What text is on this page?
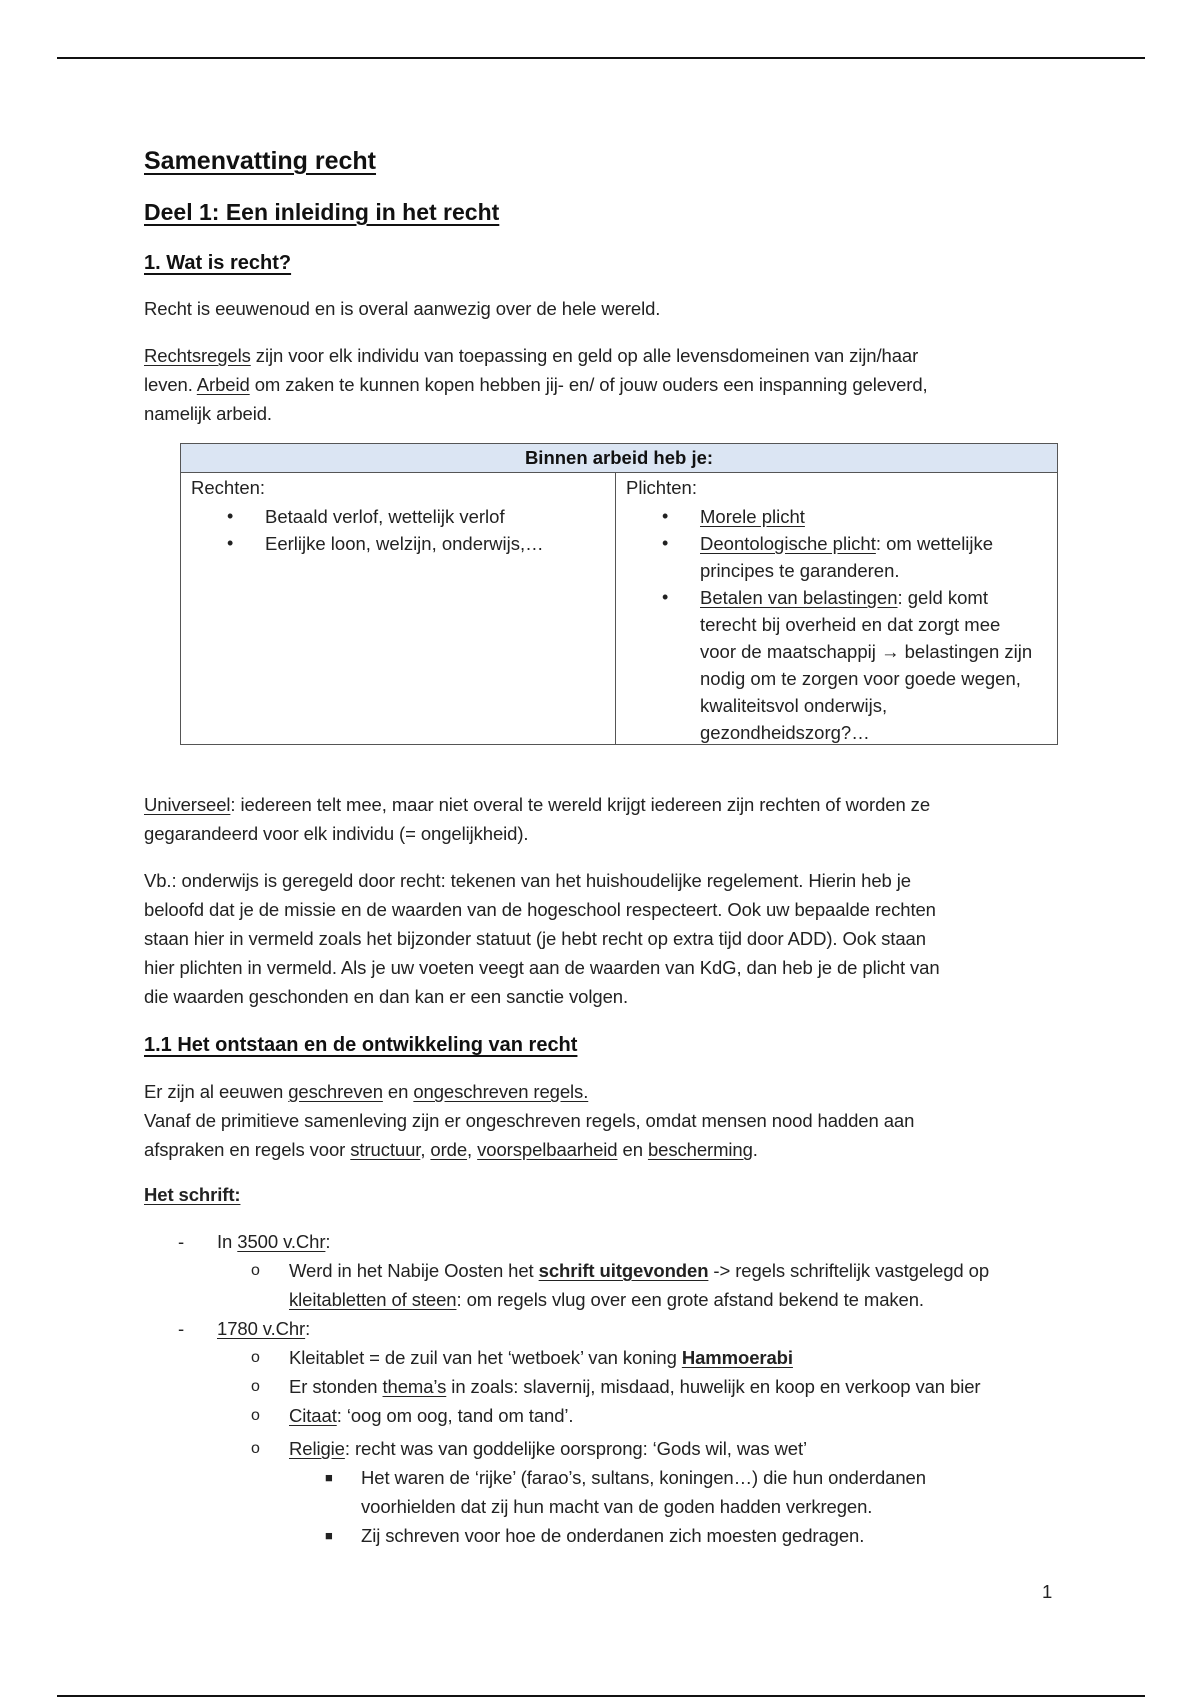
Samenvatting recht
Deel 1: Een inleiding in het recht
1. Wat is recht?
Recht is eeuwenoud en is overal aanwezig over de hele wereld.
Rechtsregels zijn voor elk individu van toepassing en geld op alle levensdomeinen van zijn/haar
leven. Arbeid om zaken te kunnen kopen hebben jij- en/ of jouw ouders een inspanning geleverd,
namelijk arbeid.
Binnen arbeid heb je:
Rechten:
• Betaald verlof, wettelijk verlof
• Eerlijke loon, welzijn, onderwijs,…
Plichten:
• Morele plicht
• Deontologische plicht: om wettelijke principes te garanderen.
• Betalen van belastingen: geld komt terecht bij overheid en dat zorgt mee voor de maatschappij → belastingen zijn nodig om te zorgen voor goede wegen, kwaliteitsvol onderwijs, gezondheidszorg?…
Universeel: iedereen telt mee, maar niet overal te wereld krijgt iedereen zijn rechten of worden ze
gegarandeerd voor elk individu (= ongelijkheid).
Vb.: onderwijs is geregeld door recht: tekenen van het huishoudelijke regelement. Hierin heb je
beloofd dat je de missie en de waarden van de hogeschool respecteert. Ook uw bepaalde rechten
staan hier in vermeld zoals het bijzonder statuut (je hebt recht op extra tijd door ADD). Ook staan
hier plichten in vermeld. Als je uw voeten veegt aan de waarden van KdG, dan heb je de plicht van
die waarden geschonden en dan kan er een sanctie volgen.
1.1 Het ontstaan en de ontwikkeling van recht
Er zijn al eeuwen geschreven en ongeschreven regels.
Vanaf de primitieve samenleving zijn er ongeschreven regels, omdat mensen nood hadden aan
afspraken en regels voor structuur, orde, voorspelbaarheid en bescherming.
Het schrift:
- In 3500 v.Chr:
o Werd in het Nabije Oosten het schrift uitgevonden -> regels schriftelijk vastgelegd op
kleitabletten of steen: om regels vlug over een grote afstand bekend te maken.
- 1780 v.Chr:
o Kleitablet = de zuil van het ‘wetboek’ van koning Hammoerabi
o Er stonden thema’s in zoals: slavernij, misdaad, huwelijk en koop en verkoop van bier
o Citaat: ‘oog om oog, tand om tand’.
o Religie: recht was van goddelijke oorsprong: ‘Gods wil, was wet’
■ Het waren de ‘rijke’ (farao’s, sultans, koningen…) die hun onderdanen
voorhielden dat zij hun macht van de goden hadden verkregen.
■ Zij schreven voor hoe de onderdanen zich moesten gedragen.
1
